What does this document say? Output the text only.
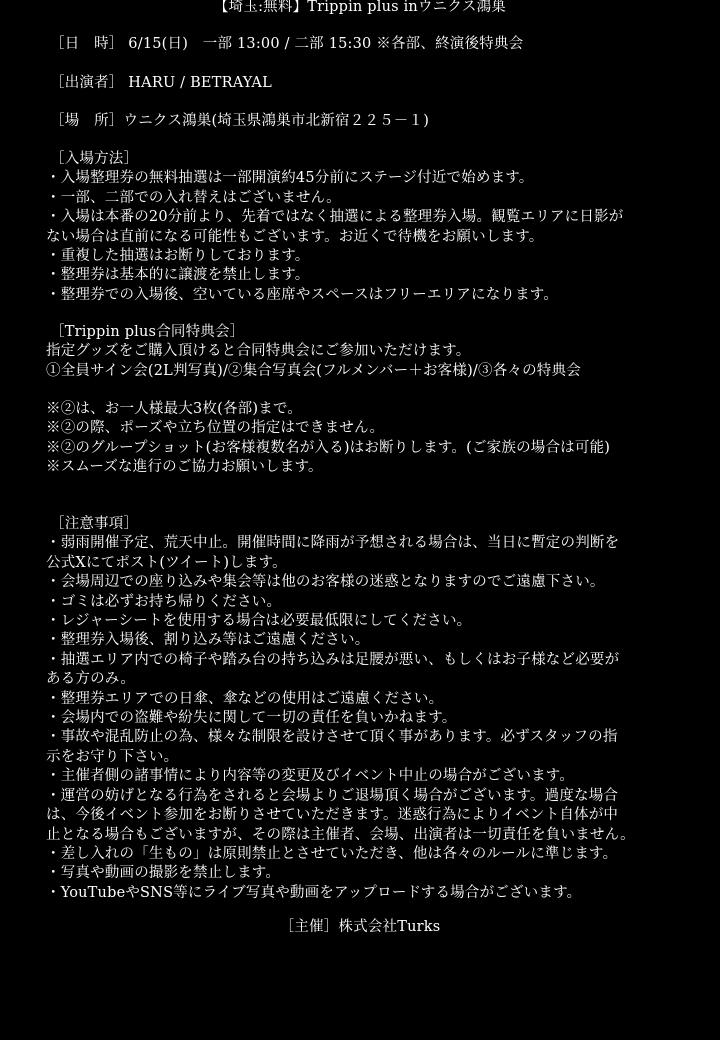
【埼玉:無料】Trippin plus inウニクス鴻巣

［日　時］ 6/15(日)　一部 13:00 / 二部 15:30 ※各部、終演後特典会

［出演者］ HARU / BETRAYAL

［場　所］ウニクス鴻巣(埼玉県鴻巣市北新宿２２５－１)

［入場方法］
・入場整理券の無料抽選は一部開演約45分前にステージ付近で始めます。
・一部、二部での入れ替えはございません。
・入場は本番の20分前より、先着ではなく抽選による整理券入場。観覧エリアに日影が
ない場合は直前になる可能性もございます。お近くで待機をお願いします。
・重複した抽選はお断りしております。
・整理券は基本的に譲渡を禁止します。
・整理券での入場後、空いている座席やスペースはフリーエリアになります。
［Trippin plus合同特典会］
指定グッズをご購入頂けると合同特典会にご参加いただけます。
①全員サイン会(2L判写真)/②集合写真会(フルメンバー＋お客様)/③各々の特典会
※②は、お一人様最大3枚(各部)まで。
※②の際、ポーズや立ち位置の指定はできません。
※②のグループショット(お客様複数名が入る)はお断りします。(ご家族の場合は可能)
※スムーズな進行のご協力お願いします。
［注意事項］
・弱雨開催予定、荒天中止。開催時間に降雨が予想される場合は、当日に暫定の判断を
公式Xにてポスト(ツイート)します。
・会場周辺での座り込みや集会等は他のお客様の迷惑となりますのでご遠慮下さい。
・ゴミは必ずお持ち帰りください。
・レジャーシートを使用する場合は必要最低限にしてください。
・整理券入場後、割り込み等はご遠慮ください。
・抽選エリア内での椅子や踏み台の持ち込みは足腰が悪い、もしくはお子様など必要が
ある方のみ。
・整理券エリアでの日傘、傘などの使用はご遠慮ください。
・会場内での盗難や紛失に関して一切の責任を負いかねます。
・事故や混乱防止の為、様々な制限を設けさせて頂く事があります。必ずスタッフの指
示をお守り下さい。
・主催者側の諸事情により内容等の変更及びイベント中止の場合がございます。
・運営の妨げとなる行為をされると会場よりご退場頂く場合がございます。過度な場合
は、今後イベント参加をお断りさせていただきます。迷惑行為によりイベント自体が中
止となる場合もございますが、その際は主催者、会場、出演者は一切責任を負いません。
・差し入れの「生もの」は原則禁止とさせていただき、他は各々のルールに準じます。
・写真や動画の撮影を禁止します。
・YouTubeやSNS等にライブ写真や動画をアップロードする場合がございます。

［主催］株式会社Turks
